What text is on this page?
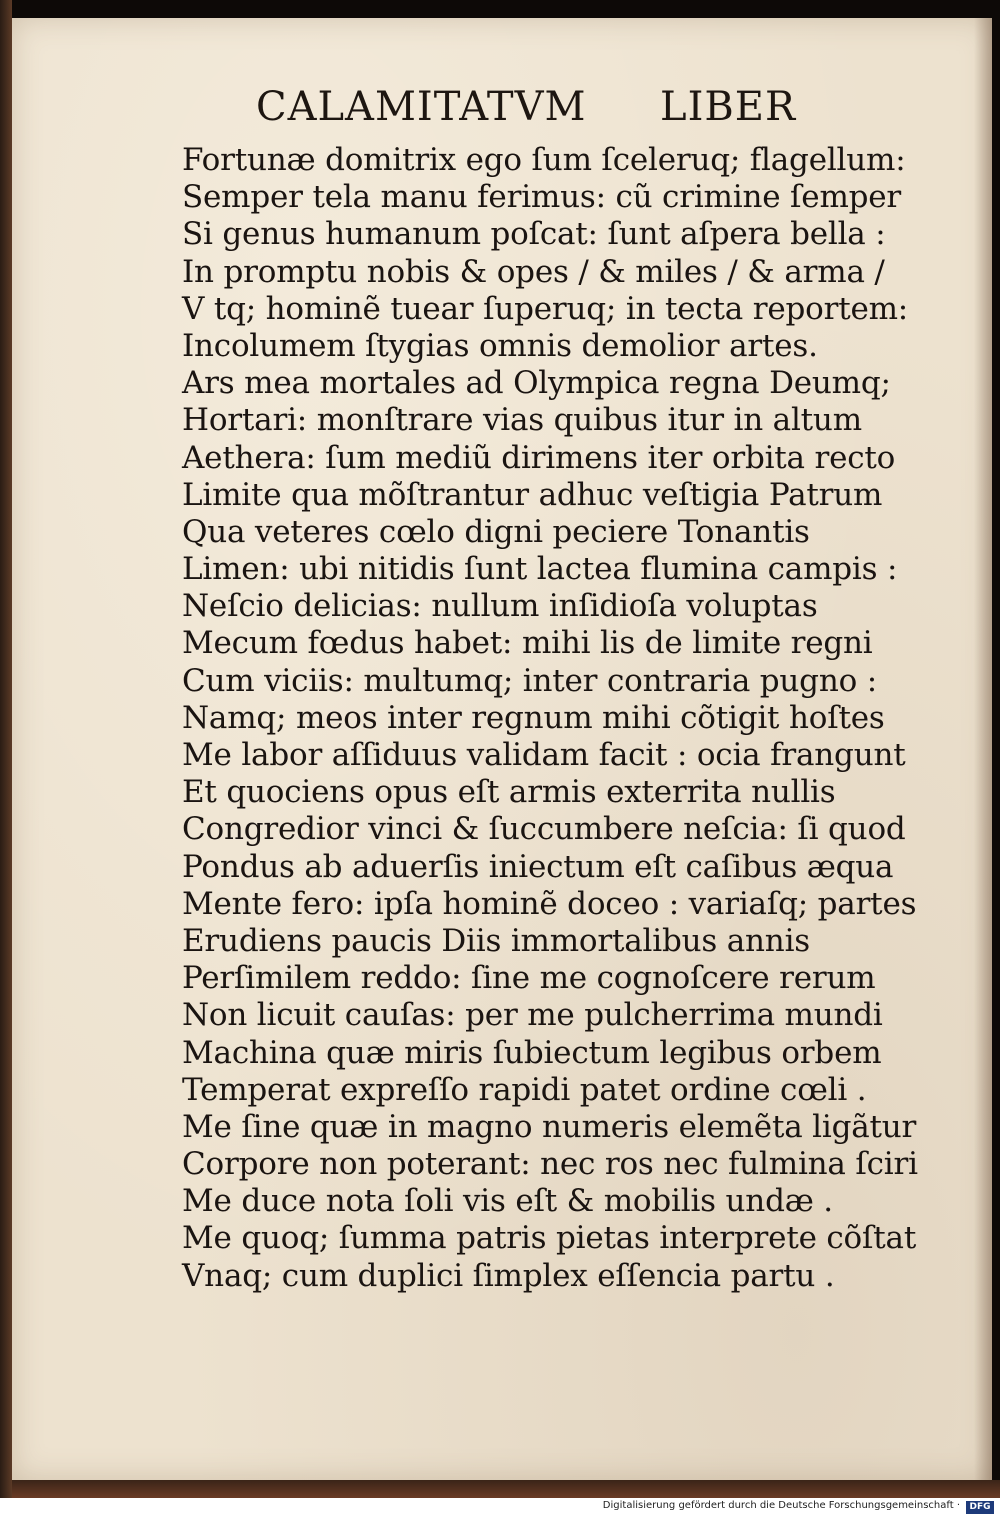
CALAMITATVM LIBER
Fortunæ domitrix ego ſum ſceleruq; flagellum:
Semper tela manu ferimus: cũ crimine ſemper
Si genus humanum poſcat: ſunt aſpera bella :
In promptu nobis & opes / & miles / & arma /
V tq; hominẽ tuear ſuperuq; in tecta reportem:
Incolumem ſtygias omnis demolior artes.
Ars mea mortales ad Olympica regna Deumq;
Hortari: monſtrare vias quibus itur in altum
Aethera: ſum mediũ dirimens iter orbita recto
Limite qua mõſtrantur adhuc veſtigia Patrum
Qua veteres cœlo digni peciere Tonantis
Limen: ubi nitidis ſunt lactea flumina campis :
Neſcio delicias: nullum inſidioſa voluptas
Mecum fœdus habet: mihi lis de limite regni
Cum viciis: multumq; inter contraria pugno :
Namq; meos inter regnum mihi cõtigit hoſtes
Me labor aſſiduus validam facit : ocia frangunt
Et quociens opus eſt armis exterrita nullis
Congredior vinci & ſuccumbere neſcia: ſi quod
Pondus ab aduerſis iniectum eſt caſibus æqua
Mente fero: ipſa hominẽ doceo : variaſq; partes
Erudiens paucis Diis immortalibus annis
Perſimilem reddo: ſine me cognoſcere rerum
Non licuit cauſas: per me pulcherrima mundi
Machina quæ miris ſubiectum legibus orbem
Temperat expreſſo rapidi patet ordine cœli .
Me ſine quæ in magno numeris elemẽta ligãtur
Corpore non poterant: nec ros nec fulmina ſciri
Me duce nota ſoli vis eſt & mobilis undæ .
Me quoq; ſumma patris pietas interprete cõſtat
Vnaq; cum duplici ſimplex eſſencia partu .
Digitalisierung gefördert durch die Deutsche Forschungsgemeinschaft ·	DFG
